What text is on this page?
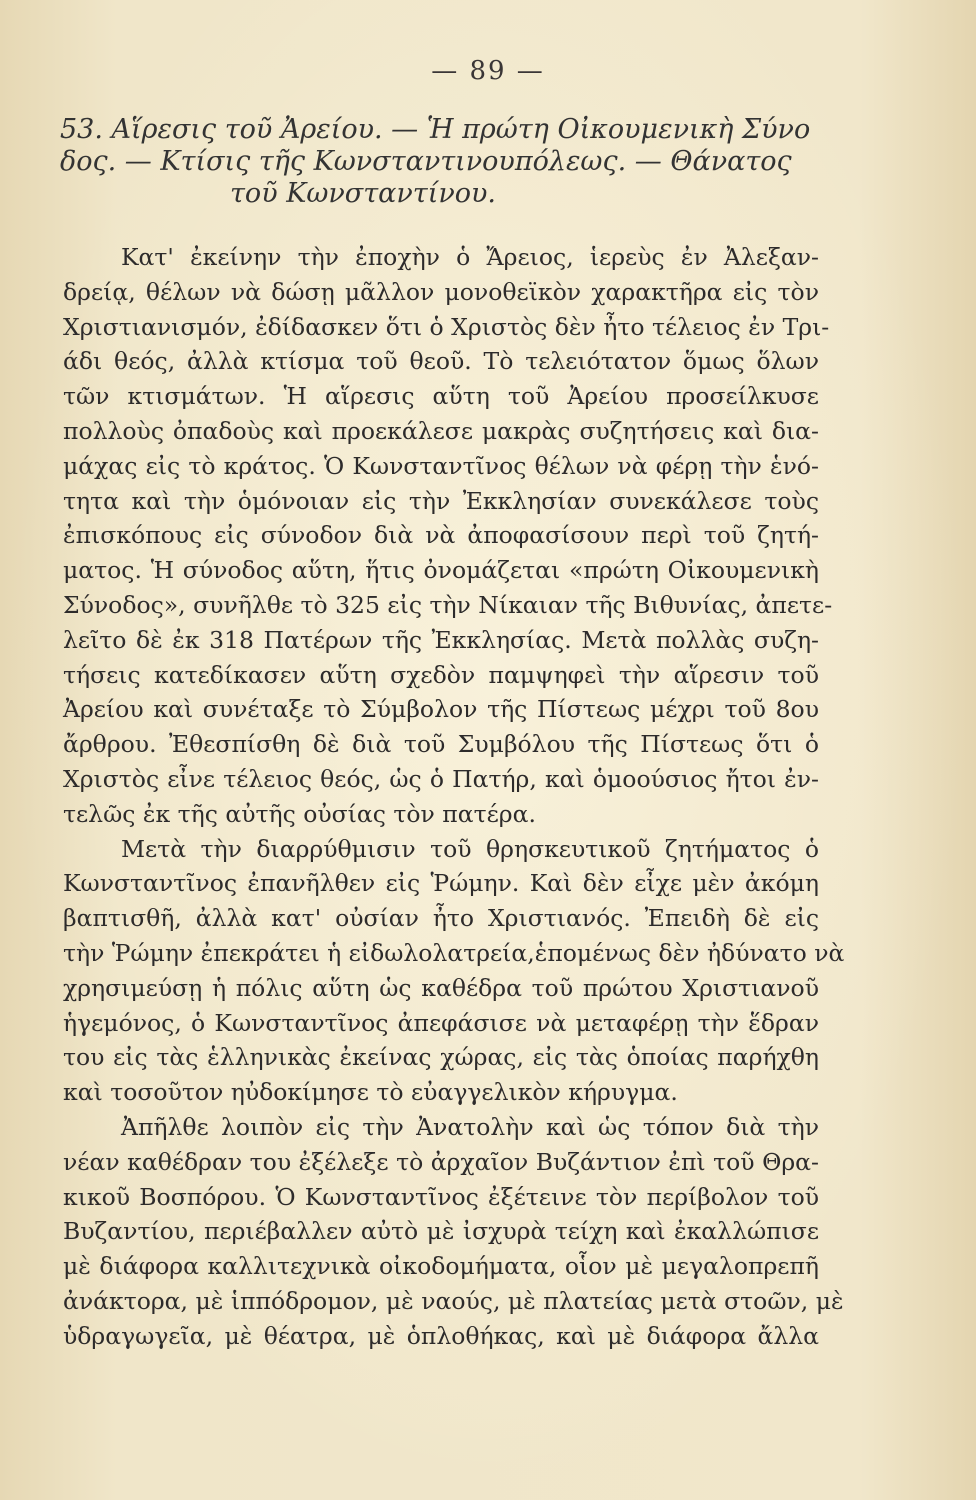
— 89 —
53. Αἵρεσις τοῦ Ἀρείου. — Ἡ πρώτη Οἰκουμενικὴ Σύνο
δος. — Κτίσις τῆς Κωνσταντινουπόλεως. — Θάνατος
τοῦ Κωνσταντίνου.
Κατ' ἐκείνην τὴν ἐποχὴν ὁ Ἄρειος, ἱερεὺς ἐν Ἀλεξαν-
δρείᾳ, θέλων νὰ δώσῃ μᾶλλον μονοθεϊκὸν χαρακτῆρα εἰς τὸν
Χριστιανισμόν, ἐδίδασκεν ὅτι ὁ Χριστὸς δὲν ἦτο τέλειος ἐν Τρι-
άδι θεός, ἀλλὰ κτίσμα τοῦ θεοῦ. Τὸ τελειότατον ὅμως ὅλων
τῶν κτισμάτων. Ἡ αἵρεσις αὕτη τοῦ Ἀρείου προσείλκυσε
πολλοὺς ὀπαδοὺς καὶ προεκάλεσε μακρὰς συζητήσεις καὶ δια-
μάχας εἰς τὸ κράτος. Ὁ Κωνσταντῖνος θέλων νὰ φέρῃ τὴν ἑνό-
τητα καὶ τὴν ὁμόνοιαν εἰς τὴν Ἐκκλησίαν συνεκάλεσε τοὺς
ἐπισκόπους εἰς σύνοδον διὰ νὰ ἀποφασίσουν περὶ τοῦ ζητή-
ματος. Ἡ σύνοδος αὕτη, ἥτις ὀνομάζεται «πρώτη Οἰκουμενικὴ
Σύνοδος», συνῆλθε τὸ 325 εἰς τὴν Νίκαιαν τῆς Βιθυνίας, ἀπετε-
λεῖτο δὲ ἐκ 318 Πατέρων τῆς Ἐκκλησίας. Μετὰ πολλὰς συζη-
τήσεις κατεδίκασεν αὕτη σχεδὸν παμψηφεὶ τὴν αἵρεσιν τοῦ
Ἀρείου καὶ συνέταξε τὸ Σύμβολον τῆς Πίστεως μέχρι τοῦ 8ου
ἄρθρου. Ἐθεσπίσθη δὲ διὰ τοῦ Συμβόλου τῆς Πίστεως ὅτι ὁ
Χριστὸς εἶνε τέλειος θεός, ὡς ὁ Πατήρ, καὶ ὁμοούσιος ἤτοι ἐν-
τελῶς ἐκ τῆς αὐτῆς οὐσίας τὸν πατέρα.
Μετὰ τὴν διαρρύθμισιν τοῦ θρησκευτικοῦ ζητήματος ὁ
Κωνσταντῖνος ἐπανῆλθεν εἰς Ῥώμην. Καὶ δὲν εἶχε μὲν ἀκόμη
βαπτισθῆ, ἀλλὰ κατ' οὐσίαν ἦτο Χριστιανός. Ἐπειδὴ δὲ εἰς
τὴν Ῥώμην ἐπεκράτει ἡ εἰδωλολατρεία,ἑπομένως δὲν ἠδύνατο νὰ
χρησιμεύσῃ ἡ πόλις αὕτη ὡς καθέδρα τοῦ πρώτου Χριστιανοῦ
ἡγεμόνος, ὁ Κωνσταντῖνος ἀπεφάσισε νὰ μεταφέρῃ τὴν ἕδραν
του εἰς τὰς ἑλληνικὰς ἐκείνας χώρας, εἰς τὰς ὁποίας παρήχθη
καὶ τοσοῦτον ηὐδοκίμησε τὸ εὐαγγελικὸν κήρυγμα.
Ἀπῆλθε λοιπὸν εἰς τὴν Ἀνατολὴν καὶ ὡς τόπον διὰ τὴν
νέαν καθέδραν του ἐξέλεξε τὸ ἀρχαῖον Βυζάντιον ἐπὶ τοῦ Θρα-
κικοῦ Βοσπόρου. Ὁ Κωνσταντῖνος ἐξέτεινε τὸν περίβολον τοῦ
Βυζαντίου, περιέβαλλεν αὐτὸ μὲ ἰσχυρὰ τείχη καὶ ἐκαλλώπισε
μὲ διάφορα καλλιτεχνικὰ οἰκοδομήματα, οἷον μὲ μεγαλοπρεπῆ
ἀνάκτορα, μὲ ἱππόδρομον, μὲ ναούς, μὲ πλατείας μετὰ στοῶν, μὲ
ὑδραγωγεῖα, μὲ θέατρα, μὲ ὁπλοθήκας, καὶ μὲ διάφορα ἄλλα
